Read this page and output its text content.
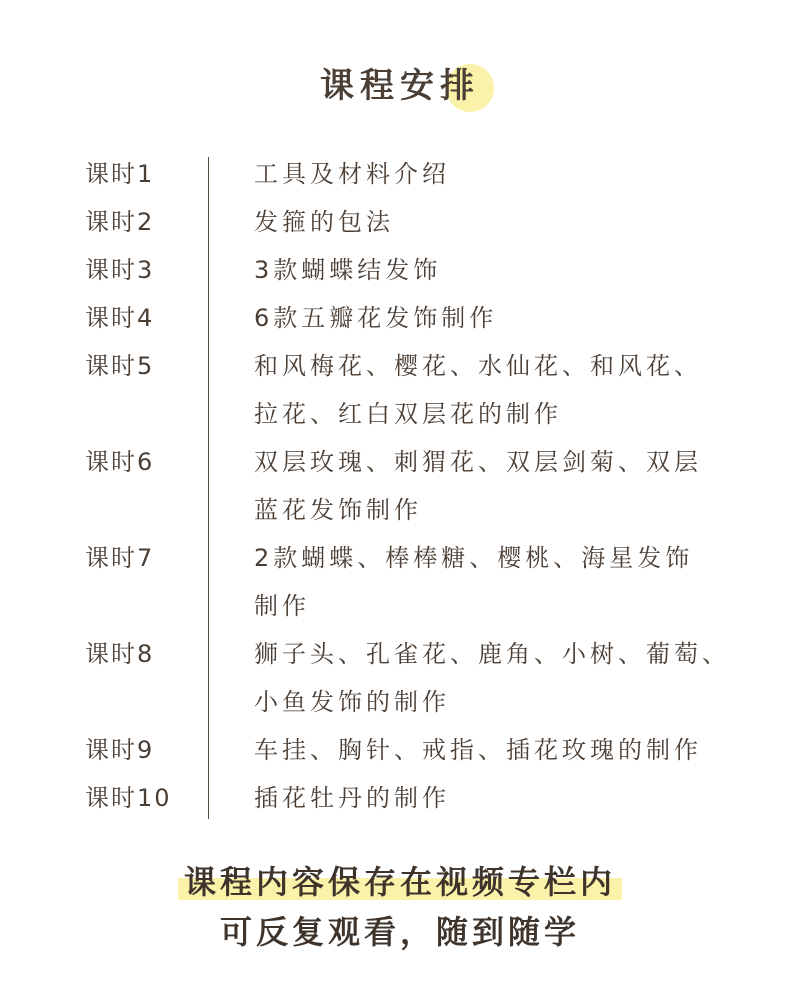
课程安排
课时1	工具及材料介绍
课时2	发箍的包法
课时3	3款蝴蝶结发饰
课时4	6款五瓣花发饰制作
课时5	和风梅花、樱花、水仙花、和风花、
拉花、红白双层花的制作
课时6	双层玫瑰、刺猬花、双层剑菊、双层
蓝花发饰制作
课时7	2款蝴蝶、棒棒糖、樱桃、海星发饰
制作
课时8	狮子头、孔雀花、鹿角、小树、葡萄、
小鱼发饰的制作
课时9	车挂、胸针、戒指、插花玫瑰的制作
课时10	插花牡丹的制作
课程内容保存在视频专栏内
可反复观看，随到随学
